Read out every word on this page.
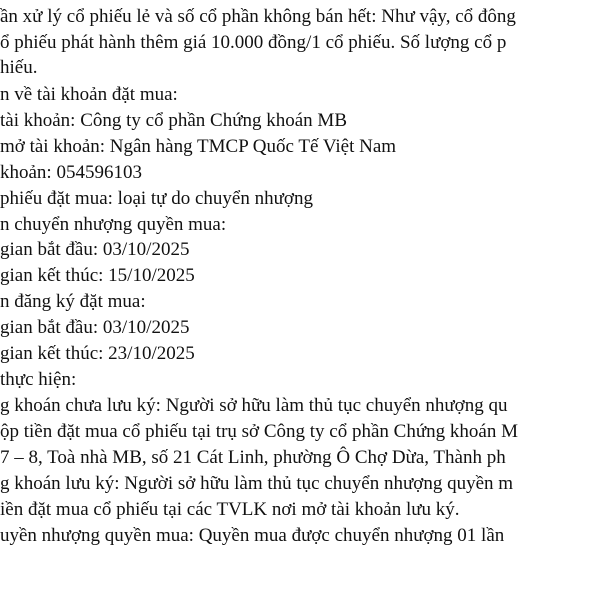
ần xử lý cổ phiếu lẻ và số cổ phần không bán hết: Như vậy, cổ đông
ổ phiếu phát hành thêm giá 10.000 đồng/1 cổ phiếu. Số lượng cổ p
hiếu.
n về tài khoản đặt mua:
tài khoản: Công ty cổ phần Chứng khoán MB
mở tài khoản: Ngân hàng TMCP Quốc Tế Việt Nam
khoản: 054596103
phiếu đặt mua: loại tự do chuyển nhượng
n chuyển nhượng quyền mua:
gian bắt đầu: 03/10/2025
gian kết thúc: 15/10/2025
n đăng ký đặt mua:
gian bắt đầu: 03/10/2025
gian kết thúc: 23/10/2025
thực hiện:
g khoán chưa lưu ký: Người sở hữu làm thủ tục chuyển nhượng qu
ộp tiền đặt mua cổ phiếu tại trụ sở Công ty cổ phần Chứng khoán M
7 – 8, Toà nhà MB, số 21 Cát Linh, phường Ô Chợ Dừa, Thành ph
g khoán lưu ký: Người sở hữu làm thủ tục chuyển nhượng quyền m
iền đặt mua cổ phiếu tại các TVLK nơi mở tài khoản lưu ký.
uyền nhượng quyền mua: Quyền mua được chuyển nhượng 01 lần
